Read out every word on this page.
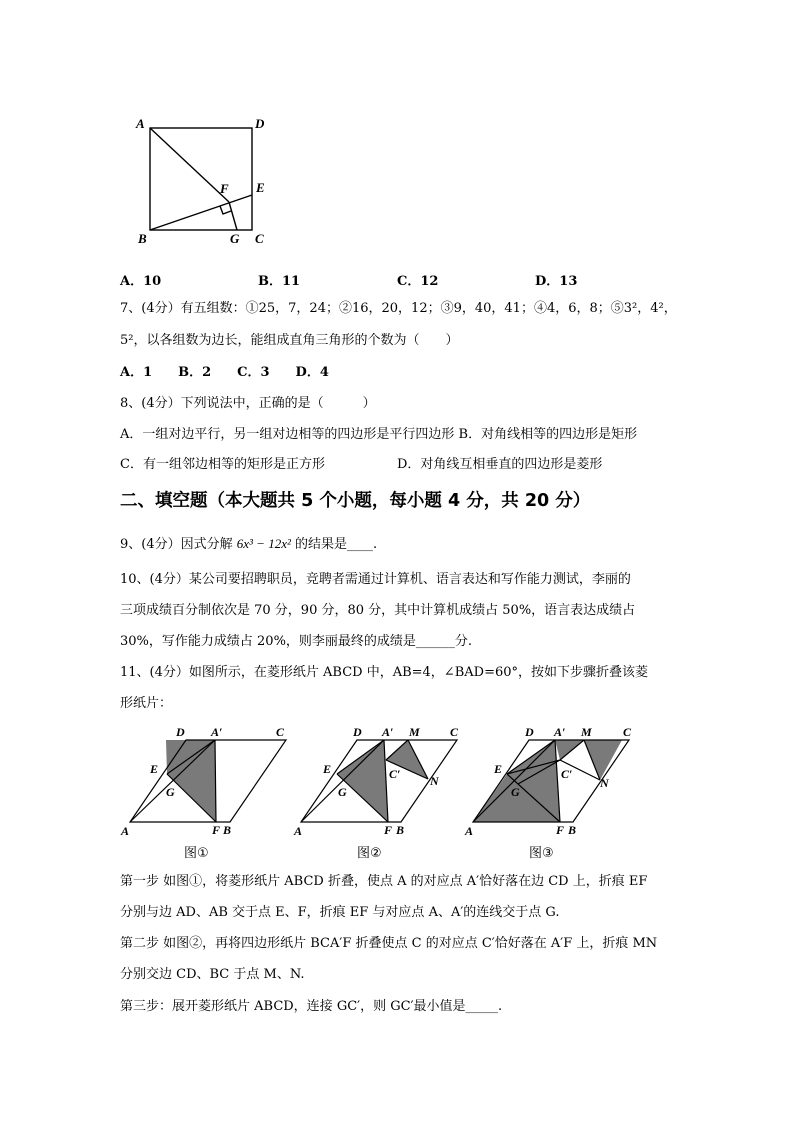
A	D
B	C
E
F
G
A．10	B．11	C．12	D．13
7、(4分）有五组数：①25，7，24；②16，20，12；③9，40，41；④4，6，8；⑤3²，4²，
5²，以各组数为边长，能组成直角三角形的个数为（　　）
A．1　　B．2　　C．3　　D．4
8、(4分）下列说法中，正确的是（　　　）
A．一组对边平行，另一组对边相等的四边形是平行四边形 B．对角线相等的四边形是矩形
C．有一组邻边相等的矩形是正方形	D．对角线互相垂直的四边形是菱形
二、填空题（本大题共 5 个小题，每小题 4 分，共 20 分）
9、(4分）因式分解 6x³ − 12x² 的结果是____.
10、(4分）某公司要招聘职员，竞聘者需通过计算机、语言表达和写作能力测试，李丽的
三项成绩百分制依次是 70 分，90 分，80 分，其中计算机成绩占 50%，语言表达成绩占
30%，写作能力成绩占 20%，则李丽最终的成绩是______分.
11、(4分）如图所示，在菱形纸片 ABCD 中，AB=4，∠BAD=60°，按如下步骤折叠该菱
形纸片：
D A′	C
E
G
A	F B
D A′ M	C
E	C′ N
G
A	F B
D A′ M	C
E	C′
N
G
A	F B
图①	图②	图③
第一步 如图①，将菱形纸片 ABCD 折叠，使点 A 的对应点 A′恰好落在边 CD 上，折痕 EF
分别与边 AD、AB 交于点 E、F，折痕 EF 与对应点 A、A′的连线交于点 G.
第二步 如图②，再将四边形纸片 BCA′F 折叠使点 C 的对应点 C′恰好落在 A′F 上，折痕 MN
分别交边 CD、BC 于点 M、N.
第三步：展开菱形纸片 ABCD，连接 GC′，则 GC′最小值是_____.
